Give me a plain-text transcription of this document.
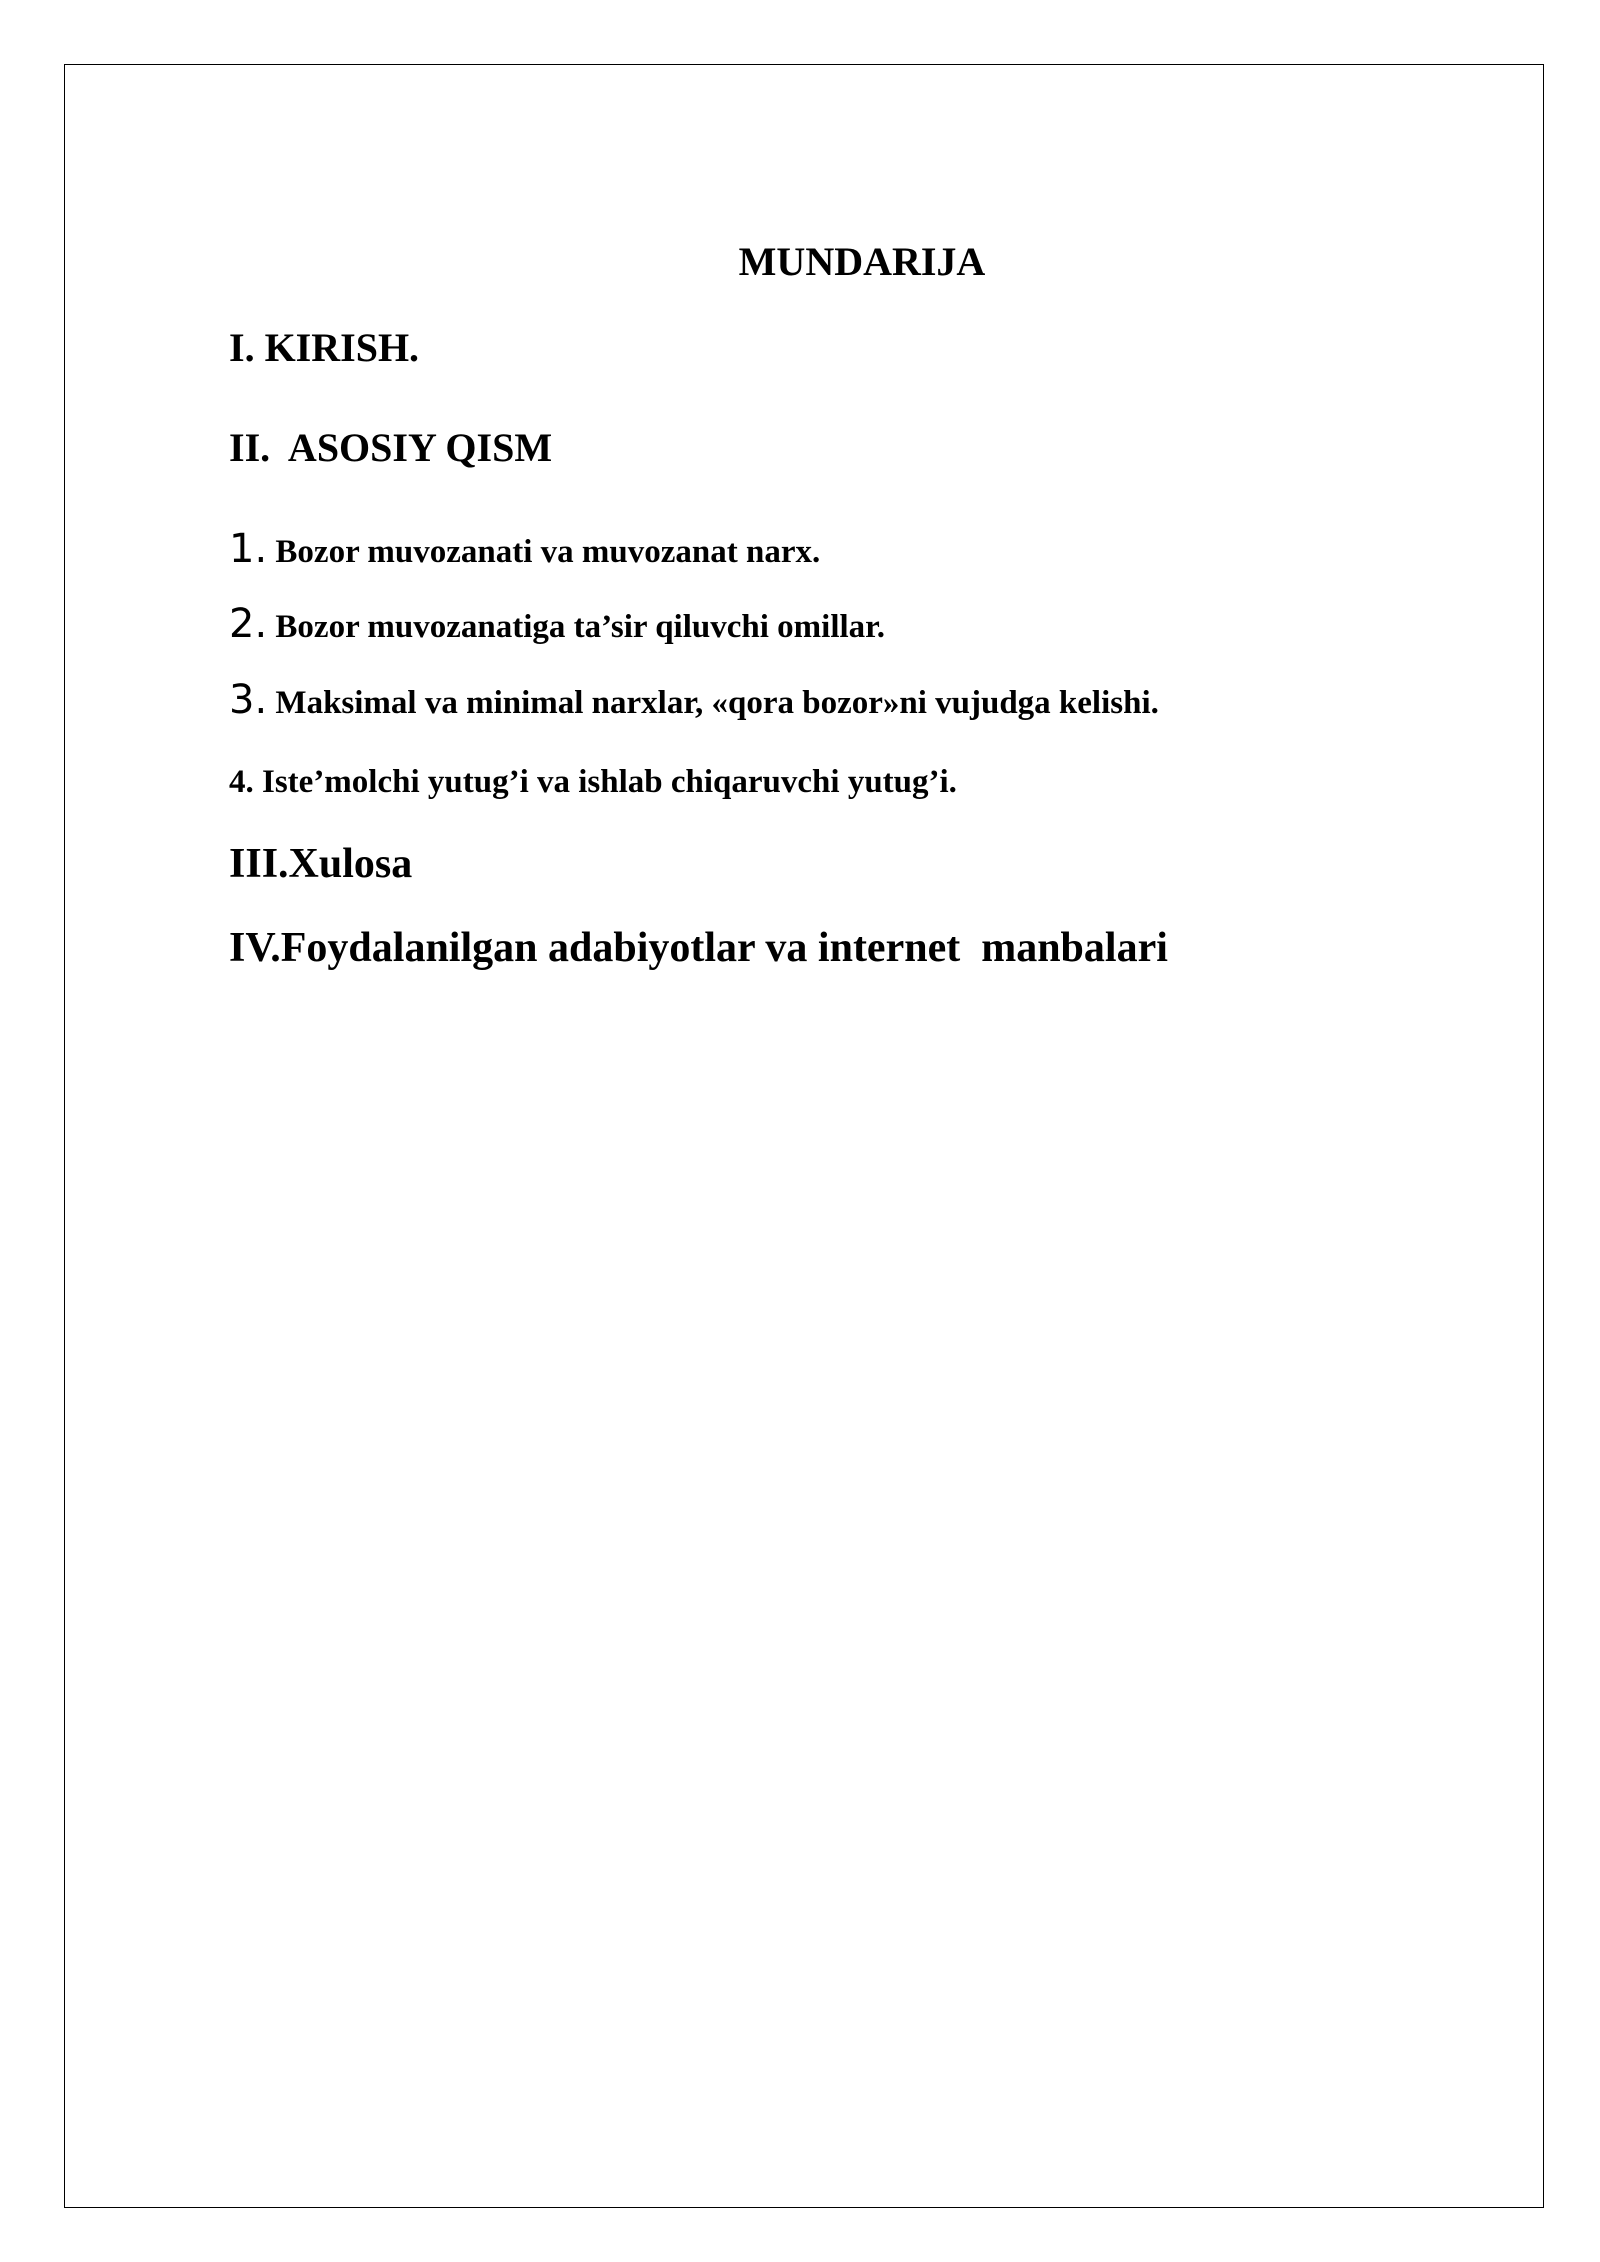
MUNDARIJA
I. KIRISH.
II.  ASOSIY QISM
1. Bozor muvozanati va muvozanat narx.
2. Bozor muvozanatiga ta’sir qiluvchi omillar.
3. Maksimal va minimal narxlar, «qora bozor»ni vujudga kelishi.
4. Iste’molchi yutug’i va ishlab chiqaruvchi yutug’i.
III.Xulosa
IV.Foydalanilgan adabiyotlar va internet  manbalari
